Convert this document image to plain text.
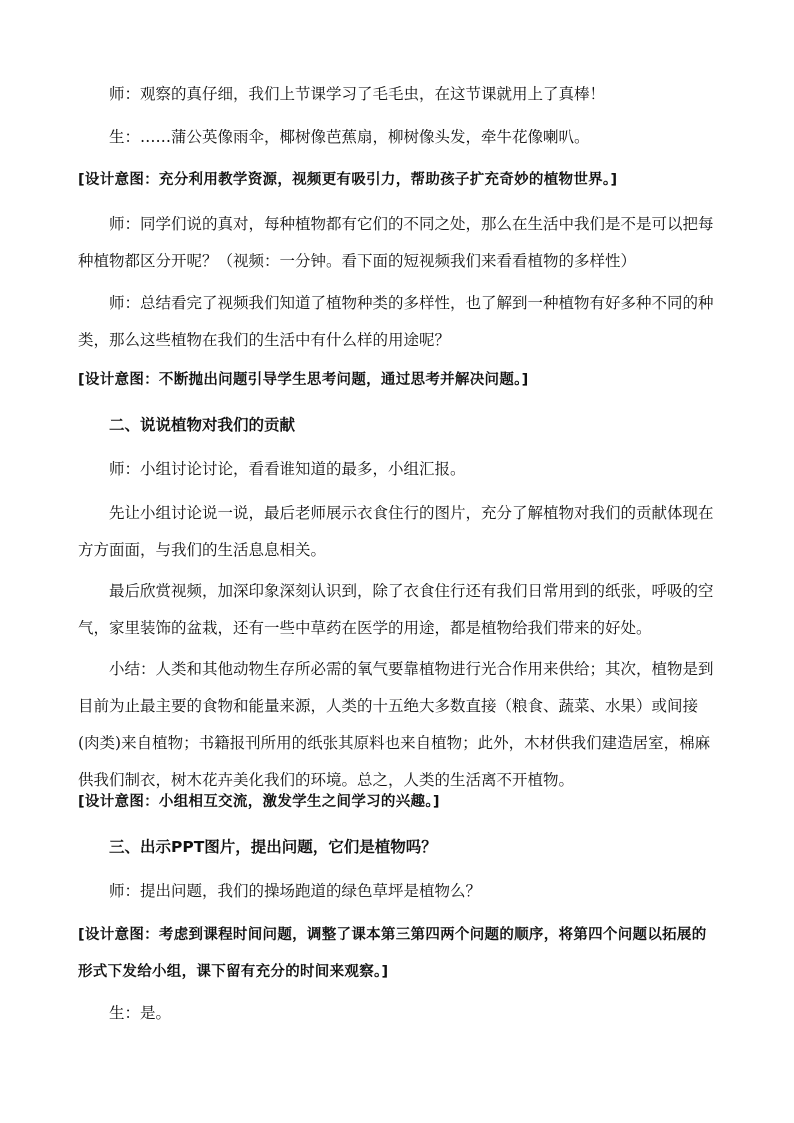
师：观察的真仔细，我们上节课学习了毛毛虫，在这节课就用上了真棒！

生：……蒲公英像雨伞，椰树像芭蕉扇，柳树像头发，牵牛花像喇叭。

[设计意图：充分利用教学资源，视频更有吸引力，帮助孩子扩充奇妙的植物世界。]

师：同学们说的真对，每种植物都有它们的不同之处，那么在生活中我们是不是可以把每种植物都区分开呢？（视频：一分钟。看下面的短视频我们来看看植物的多样性）

师：总结看完了视频我们知道了植物种类的多样性，也了解到一种植物有好多种不同的种类，那么这些植物在我们的生活中有什么样的用途呢？

[设计意图：不断抛出问题引导学生思考问题，通过思考并解决问题。]

二、说说植物对我们的贡献

师：小组讨论讨论，看看谁知道的最多，小组汇报。

先让小组讨论说一说，最后老师展示衣食住行的图片，充分了解植物对我们的贡献体现在方方面面，与我们的生活息息相关。

最后欣赏视频，加深印象深刻认识到，除了衣食住行还有我们日常用到的纸张，呼吸的空气，家里装饰的盆栽，还有一些中草药在医学的用途，都是植物给我们带来的好处。

小结：人类和其他动物生存所必需的氧气要靠植物进行光合作用来供给；其次，植物是到目前为止最主要的食物和能量来源，人类的十五绝大多数直接（粮食、蔬菜、水果）或间接(肉类)来自植物；书籍报刊所用的纸张其原料也来自植物；此外，木材供我们建造居室，棉麻供我们制衣，树木花卉美化我们的环境。总之，人类的生活离不开植物。

[设计意图：小组相互交流，激发学生之间学习的兴趣。]

三、出示PPT图片，提出问题，它们是植物吗？

师：提出问题，我们的操场跑道的绿色草坪是植物么？

[设计意图：考虑到课程时间问题，调整了课本第三第四两个问题的顺序，将第四个问题以拓展的形式下发给小组，课下留有充分的时间来观察。]

生：是。
